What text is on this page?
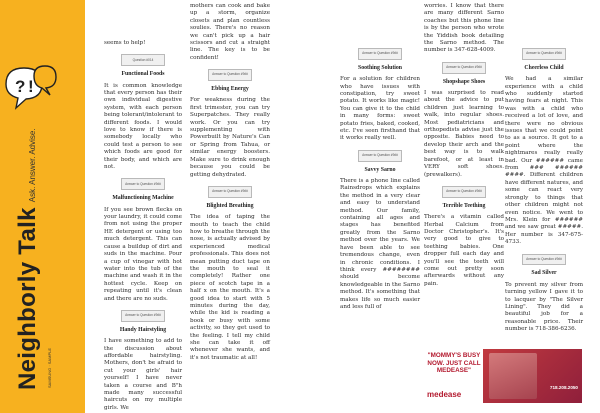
? !
Neighborly Talk
Ask. Answer. Advise.
SAMSUNG · SAMPLE

seems to help!

Question #014
Functional Foods

It is common knowledge that every person has their own individual digestive system, with each person being tolerant/intolerant to different foods. I would love to know if there is somebody locally who could test a person to see which foods are good for their body, and which are not.

Answer to Question #9##
Malfunctioning Machine

If you see brown flecks on your laundry, it could come from not using the proper HE detergent or using too much detergent. This can cause a buildup of dirt and suds in the machine. Pour a cup of vinegar with hot water into the tub of the machine and wash it in the hottest cycle. Keep on repeating until it's clean and there are no suds.

Answer to Question #9##
Handy Hairstyling

I have something to add to the discussion about affordable hairstyling. Mothers, don't be afraid to cut your girls' hair yourself! I have never taken a course and B"h made many successful haircuts on my multiple girls. We

mothers can cook and bake up a storm, organize closets and plan countless soulies. There's no reason we can't pick up a hair scissors and cut a straight line. The key is to be confident!

Answer to Question #9##
Ebbing Energy

For weakness during the first trimester, you can try Superpatches. They really work. Or you can try supplementing with Powerbuilt by Nature's Can or Spring from Tahua, or similar energy boosters. Make sure to drink enough because you could be getting dehydrated.

Answer to Question #9##
Blighted Breathing

The idea of taping the mouth to teach the child how to breathe through the nose, is actually advised by experienced medical professionals. This does not mean putting duct tape on the mouth to seal it completely! Rather one piece of scotch tape in a half x on the mouth. It's a good idea to start with 5 minutes during the day, while the kid is reading a book or busy with some activity, so they get used to the feeling. I tell my child she can take it off whenever she wants, and it's not traumatic at all!

Answer to Question #9##
Soothing Solution

For a solution for children who have issues with constipation, try sweet potato. It works like magic! You can give it to the child in many forms: sweet potato fries, baked, cooked, etc. I've seen firsthand that it works really well.

Answer to Question #9##
Savvy Sarno

There is a phone line called Rainsdrops which explains the method in a very clear and easy to understand method. Our family, containing all ages and stages has benefited greatly from the Sarno method over the years. We have been able to see tremendous change, even in chronic conditions. I think every ######## should become knowledgeable in the Sarno method. It's something that makes life so much easier and less full of

worries. I know that there are many different Sarno coaches but this phone line is by the person who wrote the Yiddish book detailing the Sarno method. The number is 347-628-4009.

Answer to Question #9##
Shopshape Shoes

I was surprised to read about the advice to put children just learning to walk, into regular shoes. Most pediatricians and orthopedists advise just the opposite. Babies need to develop their arch and the best way is to walk barefoot, or at least in VERY soft shoes. (prewalkers).

Answer to Question #9##
Terrible Teething

There's a vitamin called Herbal Calcium from Doctor Christopher's. It's very good to give to teething babies. One dropper full each day and you'll see the teeth will come out pretty soon afterwards without any pain.

Answer to Question #9##
Cheerless Child

We had a similar experience with a child who suddenly started having fears at night. This was with a child who received a lot of love, and there were no obvious issues that we could point to as a source. It got to a point where the nightmares really really bad. Our ###### came from ### ###### ####. Different children have different natures, and some can react very strongly to things that other children might not even notice. We went to Mrs. Klein for ###### and we saw great #####. Her number is 347-675-4733.

Answer to Question #9##
Sad Silver

To prevent my silver from turning yellow I gave it to to lacquer by "The Silver Lining". They did a beautiful job for a reasonable price. Their number is 718-386-6236.

"MOMMY'S BUSY NOW. JUST CALL MEDEASE"
medease
718.208.2050
